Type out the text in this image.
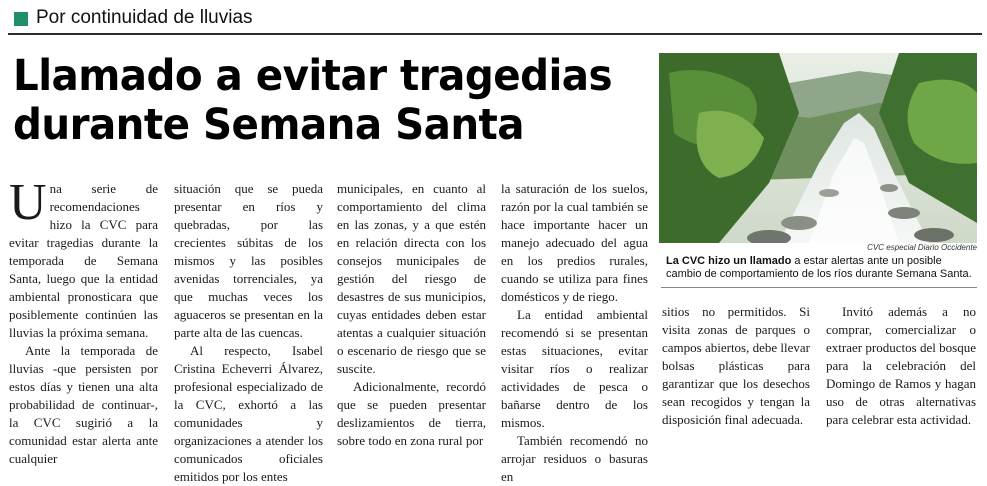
Por continuidad de lluvias
Llamado a evitar tragedias
durante Semana Santa

Una serie de recomendaciones hizo la CVC para evitar tragedias durante la temporada de Semana Santa, luego que la entidad ambiental pronosticara que posiblemente continúen las lluvias la próxima semana.

Ante la temporada de lluvias -que persisten por estos días y tienen una alta probabilidad de continuar-, la CVC sugirió a la comunidad estar alerta ante cualquier

situación que se pueda presentar en ríos y quebradas, por las crecientes súbitas de los mismos y las posibles avenidas torrenciales, ya que muchas veces los aguaceros se presentan en la parte alta de las cuencas.

Al respecto, Isabel Cristina Echeverri Álvarez, profesional especializado de la CVC, exhortó a las comunidades y organizaciones a atender los comunicados oficiales emitidos por los entes

municipales, en cuanto al comportamiento del clima en las zonas, y a que estén en relación directa con los consejos municipales de gestión del riesgo de desastres de sus municipios, cuyas entidades deben estar atentas a cualquier situación o escenario de riesgo que se suscite.

Adicionalmente, recordó que se pueden presentar deslizamientos de tierra, sobre todo en zona rural por

la saturación de los suelos, razón por la cual también se hace importante hacer un manejo adecuado del agua en los predios rurales, cuando se utiliza para fines domésticos y de riego.

La entidad ambiental recomendó si se presentan estas situaciones, evitar visitar ríos o realizar actividades de pesca o bañarse dentro de los mismos.

También recomendó no arrojar residuos o basuras en

CVC especial Diario Occidente
La CVC hizo un llamado a estar alertas ante un posible cambio de comportamiento de los ríos durante Semana Santa.

sitios no permitidos. Si visita zonas de parques o campos abiertos, debe llevar bolsas plásticas para garantizar que los desechos sean recogidos y tengan la disposición final adecuada.

Invitó además a no comprar, comercializar o extraer productos del bosque para la celebración del Domingo de Ramos y hagan uso de otras alternativas para celebrar esta actividad.
